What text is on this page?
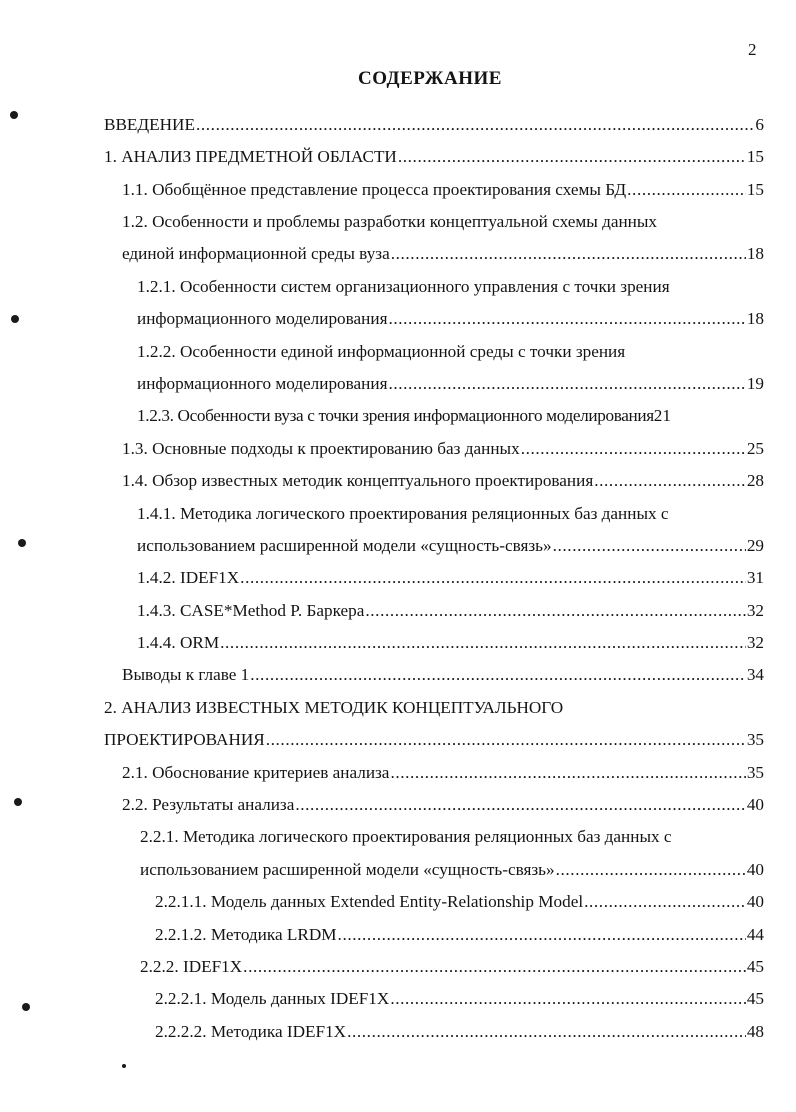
2
СОДЕРЖАНИЕ
ВВЕДЕНИЕ .....	6
1. АНАЛИЗ ПРЕДМЕТНОЙ ОБЛАСТИ .....	15
1.1. Обобщённое представление процесса проектирования схемы БД .....	15
1.2. Особенности и проблемы разработки концептуальной схемы данных
единой информационной среды вуза .....	18
1.2.1. Особенности систем организационного управления с точки зрения
информационного моделирования .....	18
1.2.2. Особенности единой информационной среды с точки зрения
информационного моделирования .....	19
1.2.3. Особенности вуза с точки зрения информационного моделирования 21
1.3. Основные подходы к проектированию баз данных .....	25
1.4. Обзор известных методик концептуального проектирования .....	28
1.4.1. Методика логического проектирования реляционных баз данных с
использованием расширенной модели «сущность-связь» .....	29
1.4.2. IDEF1X .....	31
1.4.3. CASE*Method P. Баркера .....	32
1.4.4. ORM .....	32
Выводы к главе 1 .....	34
2. АНАЛИЗ ИЗВЕСТНЫХ МЕТОДИК КОНЦЕПТУАЛЬНОГО
ПРОЕКТИРОВАНИЯ .....	35
2.1. Обоснование критериев анализа .....	35
2.2. Результаты анализа .....	40
2.2.1. Методика логического проектирования реляционных баз данных с
использованием расширенной модели «сущность-связь» .....	40
2.2.1.1. Модель данных Extended Entity-Relationship Model .....	40
2.2.1.2. Методика LRDM .....	44
2.2.2. IDEF1X .....	45
2.2.2.1. Модель данных IDEF1X .....	45
2.2.2.2. Методика IDEF1X .....	48
